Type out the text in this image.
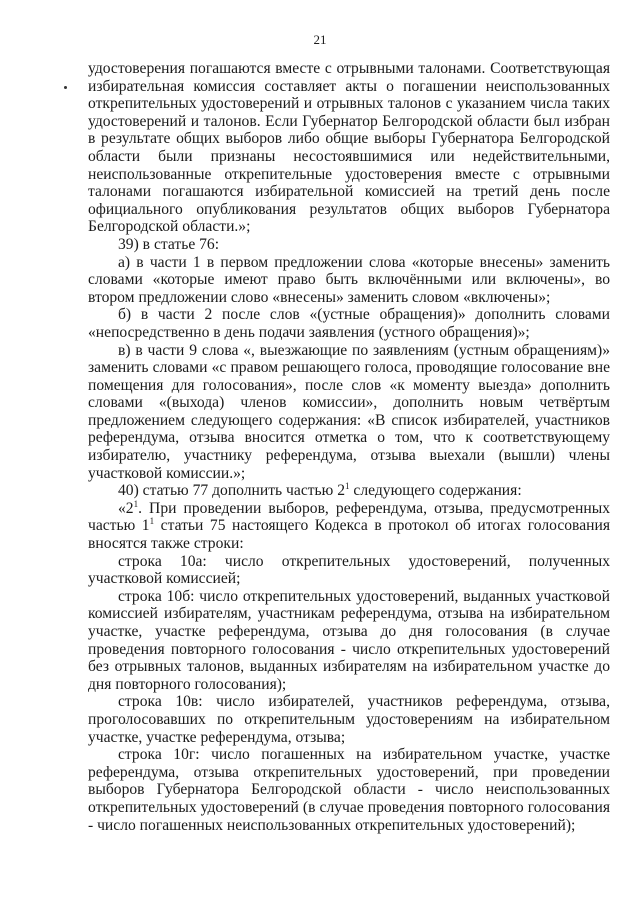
21

удостоверения погашаются вместе с отрывными талонами. Соответствующая избирательная комиссия составляет акты о погашении неиспользованных открепительных удостоверений и отрывных талонов с указанием числа таких удостоверений и талонов. Если Губернатор Белгородской области был избран в результате общих выборов либо общие выборы Губернатора Белгородской области были признаны несостоявшимися или недействительными, неиспользованные открепительные удостоверения вместе с отрывными талонами погашаются избирательной комиссией на третий день после официального опубликования результатов общих выборов Губернатора Белгородской области.»;

39) в статье 76:

а) в части 1 в первом предложении слова «которые внесены» заменить словами «которые имеют право быть включёнными или включены», во втором предложении слово «внесены» заменить словом «включены»;

б) в части 2 после слов «(устные обращения)» дополнить словами «непосредственно в день подачи заявления (устного обращения)»;

в) в части 9 слова «, выезжающие по заявлениям (устным обращениям)» заменить словами «с правом решающего голоса, проводящие голосование вне помещения для голосования», после слов «к моменту выезда» дополнить словами «(выхода) членов комиссии», дополнить новым четвёртым предложением следующего содержания: «В список избирателей, участников референдума, отзыва вносится отметка о том, что к соответствующему избирателю, участнику референдума, отзыва выехали (вышли) члены участковой комиссии.»;

40) статью 77 дополнить частью $2^1$ следующего содержания:

«$2^1$. При проведении выборов, референдума, отзыва, предусмотренных частью $1^1$ статьи 75 настоящего Кодекса в протокол об итогах голосования вносятся также строки:

строка 10а: число открепительных удостоверений, полученных участковой комиссией;

строка 10б: число открепительных удостоверений, выданных участковой комиссией избирателям, участникам референдума, отзыва на избирательном участке, участке референдума, отзыва до дня голосования (в случае проведения повторного голосования - число открепительных удостоверений без отрывных талонов, выданных избирателям на избирательном участке до дня повторного голосования);

строка 10в: число избирателей, участников референдума, отзыва, проголосовавших по открепительным удостоверениям на избирательном участке, участке референдума, отзыва;

строка 10г: число погашенных на избирательном участке, участке референдума, отзыва открепительных удостоверений, при проведении выборов Губернатора Белгородской области - число неиспользованных открепительных удостоверений (в случае проведения повторного голосования - число погашенных неиспользованных открепительных удостоверений);
